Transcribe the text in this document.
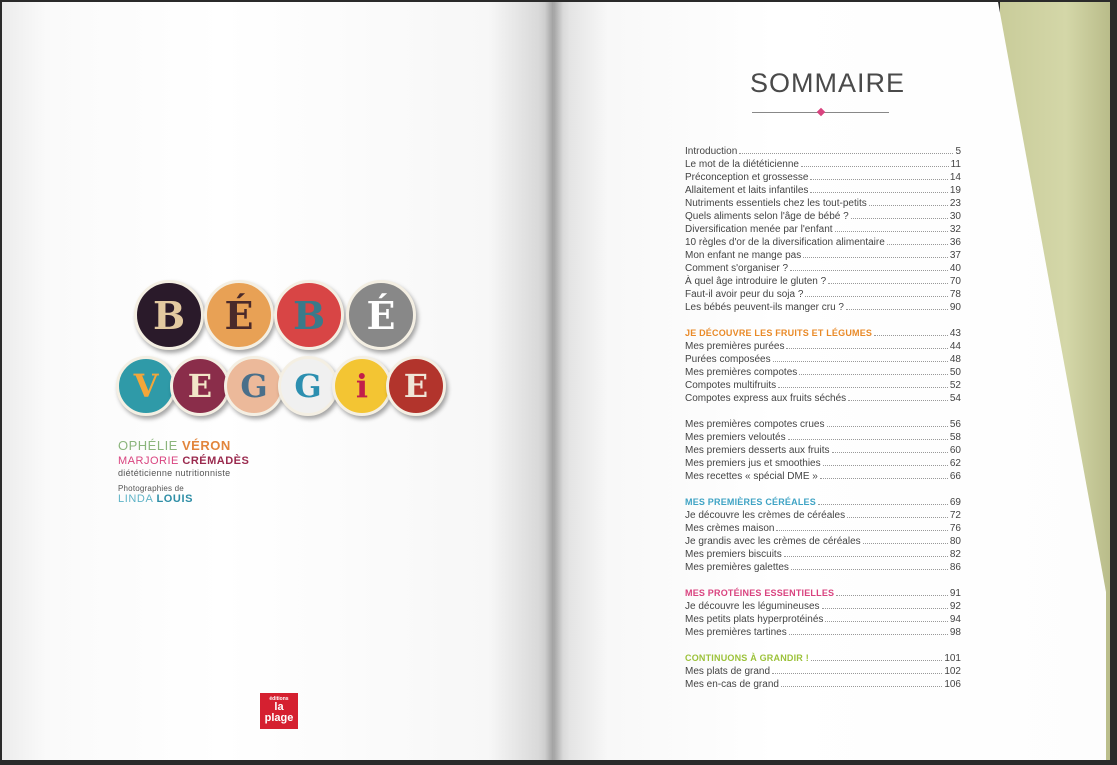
B	É	B	É
V E G G	i	E
OPHÉLIE VÉRON
MARJORIE CRÉMADÈS
diététicienne nutritionniste
Photographies de
LINDA LOUIS
éditions
la
plage
SOMMAIRE
Introduction	5
Le mot de la diététicienne	11
Préconception et grossesse	14
Allaitement et laits infantiles	19
Nutriments essentiels chez les tout-petits	23
Quels aliments selon l'âge de bébé ?	30
Diversification menée par l'enfant	32
10 règles d'or de la diversification alimentaire	36
Mon enfant ne mange pas	37
Comment s'organiser ?	40
À quel âge introduire le gluten ?	70
Faut-il avoir peur du soja ?	78
Les bébés peuvent-ils manger cru ?	90
JE DÉCOUVRE LES FRUITS ET LÉGUMES	43
Mes premières purées	44
Purées composées	48
Mes premières compotes	50
Compotes multifruits	52
Compotes express aux fruits séchés	54
Mes premières compotes crues	56
Mes premiers veloutés	58
Mes premiers desserts aux fruits	60
Mes premiers jus et smoothies	62
Mes recettes « spécial DME »	66
MES PREMIÈRES CÉRÉALES	69
Je découvre les crèmes de céréales	72
Mes crèmes maison	76
Je grandis avec les crèmes de céréales	80
Mes premiers biscuits	82
Mes premières galettes	86
MES PROTÉINES ESSENTIELLES	91
Je découvre les légumineuses	92
Mes petits plats hyperprotéinés	94
Mes premières tartines	98
CONTINUONS À GRANDIR !	101
Mes plats de grand	102
Mes en-cas de grand	106
